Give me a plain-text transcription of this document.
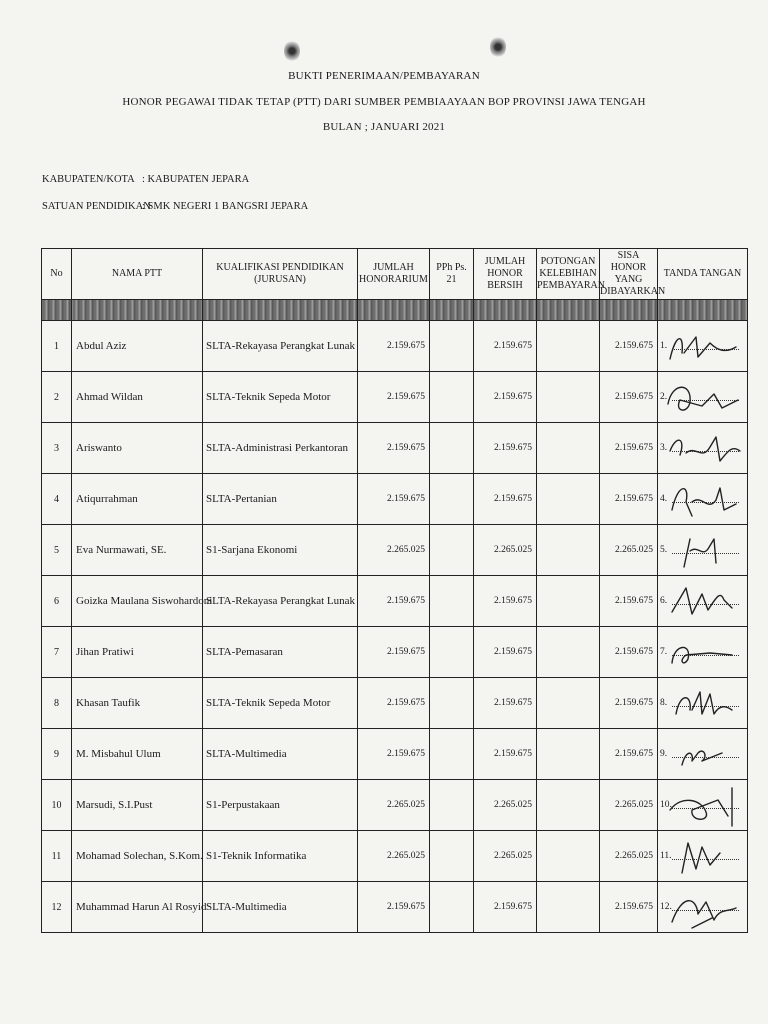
BUKTI PENERIMAAN/PEMBAYARAN
HONOR PEGAWAI TIDAK TETAP (PTT) DARI SUMBER PEMBIAAYAAN BOP PROVINSI JAWA TENGAH
BULAN ; JANUARI 2021
KABUPATEN/KOTA : KABUPATEN JEPARA
SATUAN PENDIDIKAN
: SMK NEGERI 1 BANGSRI JEPARA
No	NAMA PTT	KUALIFIKASI PENDIDIKAN (JURUSAN)	JUMLAH HONORARIUM	PPh Ps. 21	JUMLAH HONOR BERSIH	POTONGAN KELEBIHAN PEMBAYARAN	SISA HONOR YANG DIBAYARKAN	TANDA TANGAN

1	Abdul Aziz	SLTA-Rekayasa Perangkat Lunak	2.159.675		2.159.675		2.159.675	1.

2	Ahmad Wildan	SLTA-Teknik Sepeda Motor	2.159.675		2.159.675		2.159.675	2.

3	Ariswanto	SLTA-Administrasi Perkantoran	2.159.675		2.159.675		2.159.675	3.

4	Atiqurrahman	SLTA-Pertanian	2.159.675		2.159.675		2.159.675	4.

5	Eva Nurmawati, SE.	S1-Sarjana Ekonomi	2.265.025		2.265.025		2.265.025	5.

6	Goizka Maulana Siswohardoni	SLTA-Rekayasa Perangkat Lunak	2.159.675		2.159.675		2.159.675	6.

7	Jihan Pratiwi	SLTA-Pemasaran	2.159.675		2.159.675		2.159.675	7.

8	Khasan Taufik	SLTA-Teknik Sepeda Motor	2.159.675		2.159.675		2.159.675	8.

9	M. Misbahul Ulum	SLTA-Multimedia	2.159.675		2.159.675		2.159.675	9.

10	Marsudi, S.I.Pust	S1-Perpustakaan	2.265.025		2.265.025		2.265.025	10.

11	Mohamad Solechan, S.Kom.	S1-Teknik Informatika	2.265.025		2.265.025		2.265.025	11.

12	Muhammad Harun Al Rosyid	SLTA-Multimedia	2.159.675		2.159.675		2.159.675	12.
